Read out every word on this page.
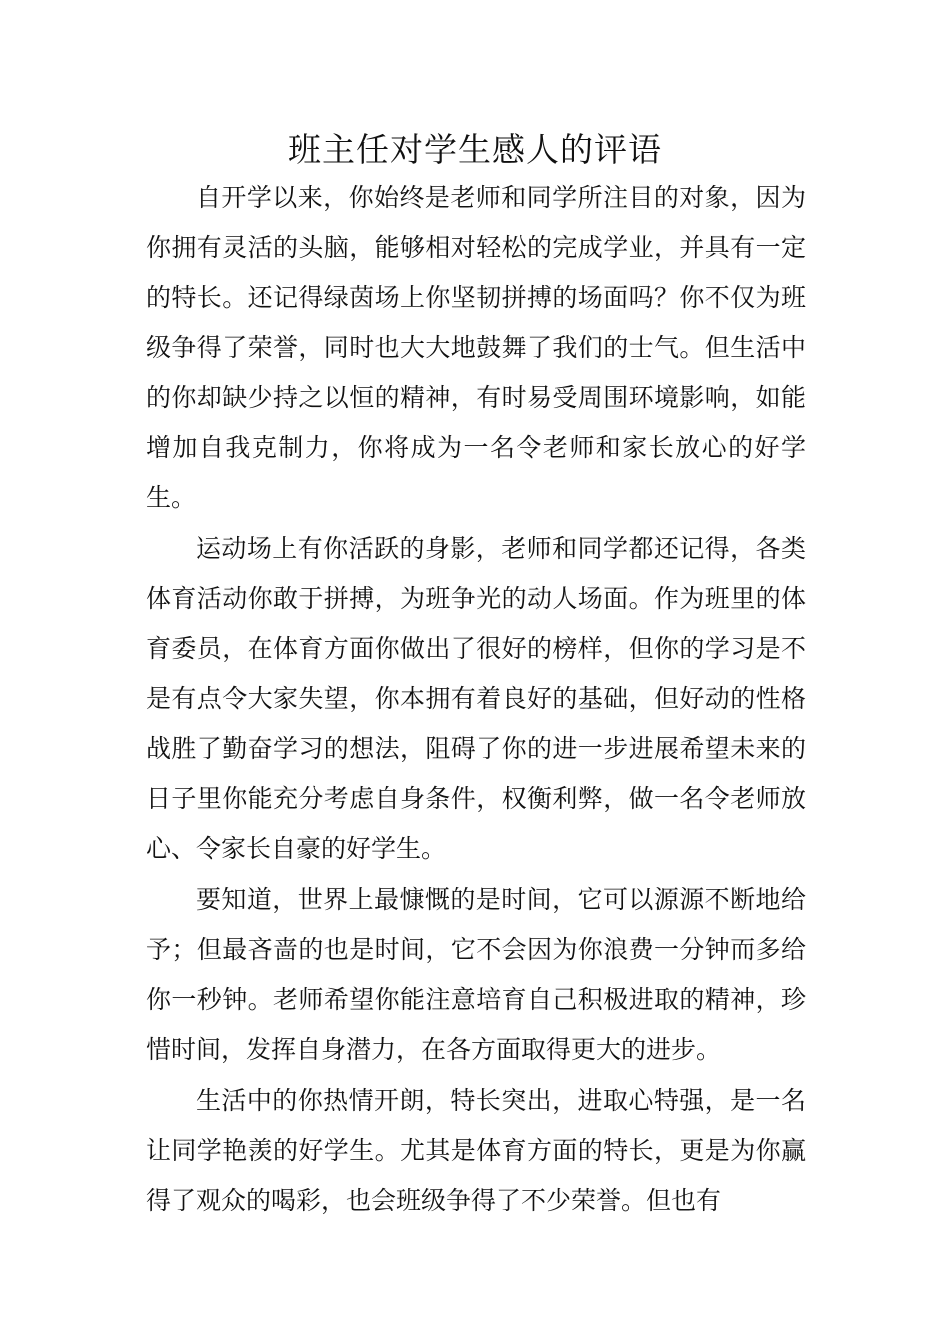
班主任对学生感人的评语

自开学以来，你始终是老师和同学所注目的对象，因为你拥有灵活的头脑，能够相对轻松的完成学业，并具有一定的特长。还记得绿茵场上你坚韧拼搏的场面吗？你不仅为班级争得了荣誉，同时也大大地鼓舞了我们的士气。但生活中的你却缺少持之以恒的精神，有时易受周围环境影响，如能增加自我克制力，你将成为一名令老师和家长放心的好学生。

运动场上有你活跃的身影，老师和同学都还记得，各类体育活动你敢于拼搏，为班争光的动人场面。作为班里的体育委员，在体育方面你做出了很好的榜样，但你的学习是不是有点令大家失望，你本拥有着良好的基础，但好动的性格战胜了勤奋学习的想法，阻碍了你的进一步进展希望未来的日子里你能充分考虑自身条件，权衡利弊，做一名令老师放心、令家长自豪的好学生。

要知道，世界上最慷慨的是时间，它可以源源不断地给予；但最吝啬的也是时间，它不会因为你浪费一分钟而多给你一秒钟。老师希望你能注意培育自己积极进取的精神，珍惜时间，发挥自身潜力，在各方面取得更大的进步。

生活中的你热情开朗，特长突出，进取心特强，是一名让同学艳羡的好学生。尤其是体育方面的特长，更是为你赢得了观众的喝彩，也会班级争得了不少荣誉。但也有
